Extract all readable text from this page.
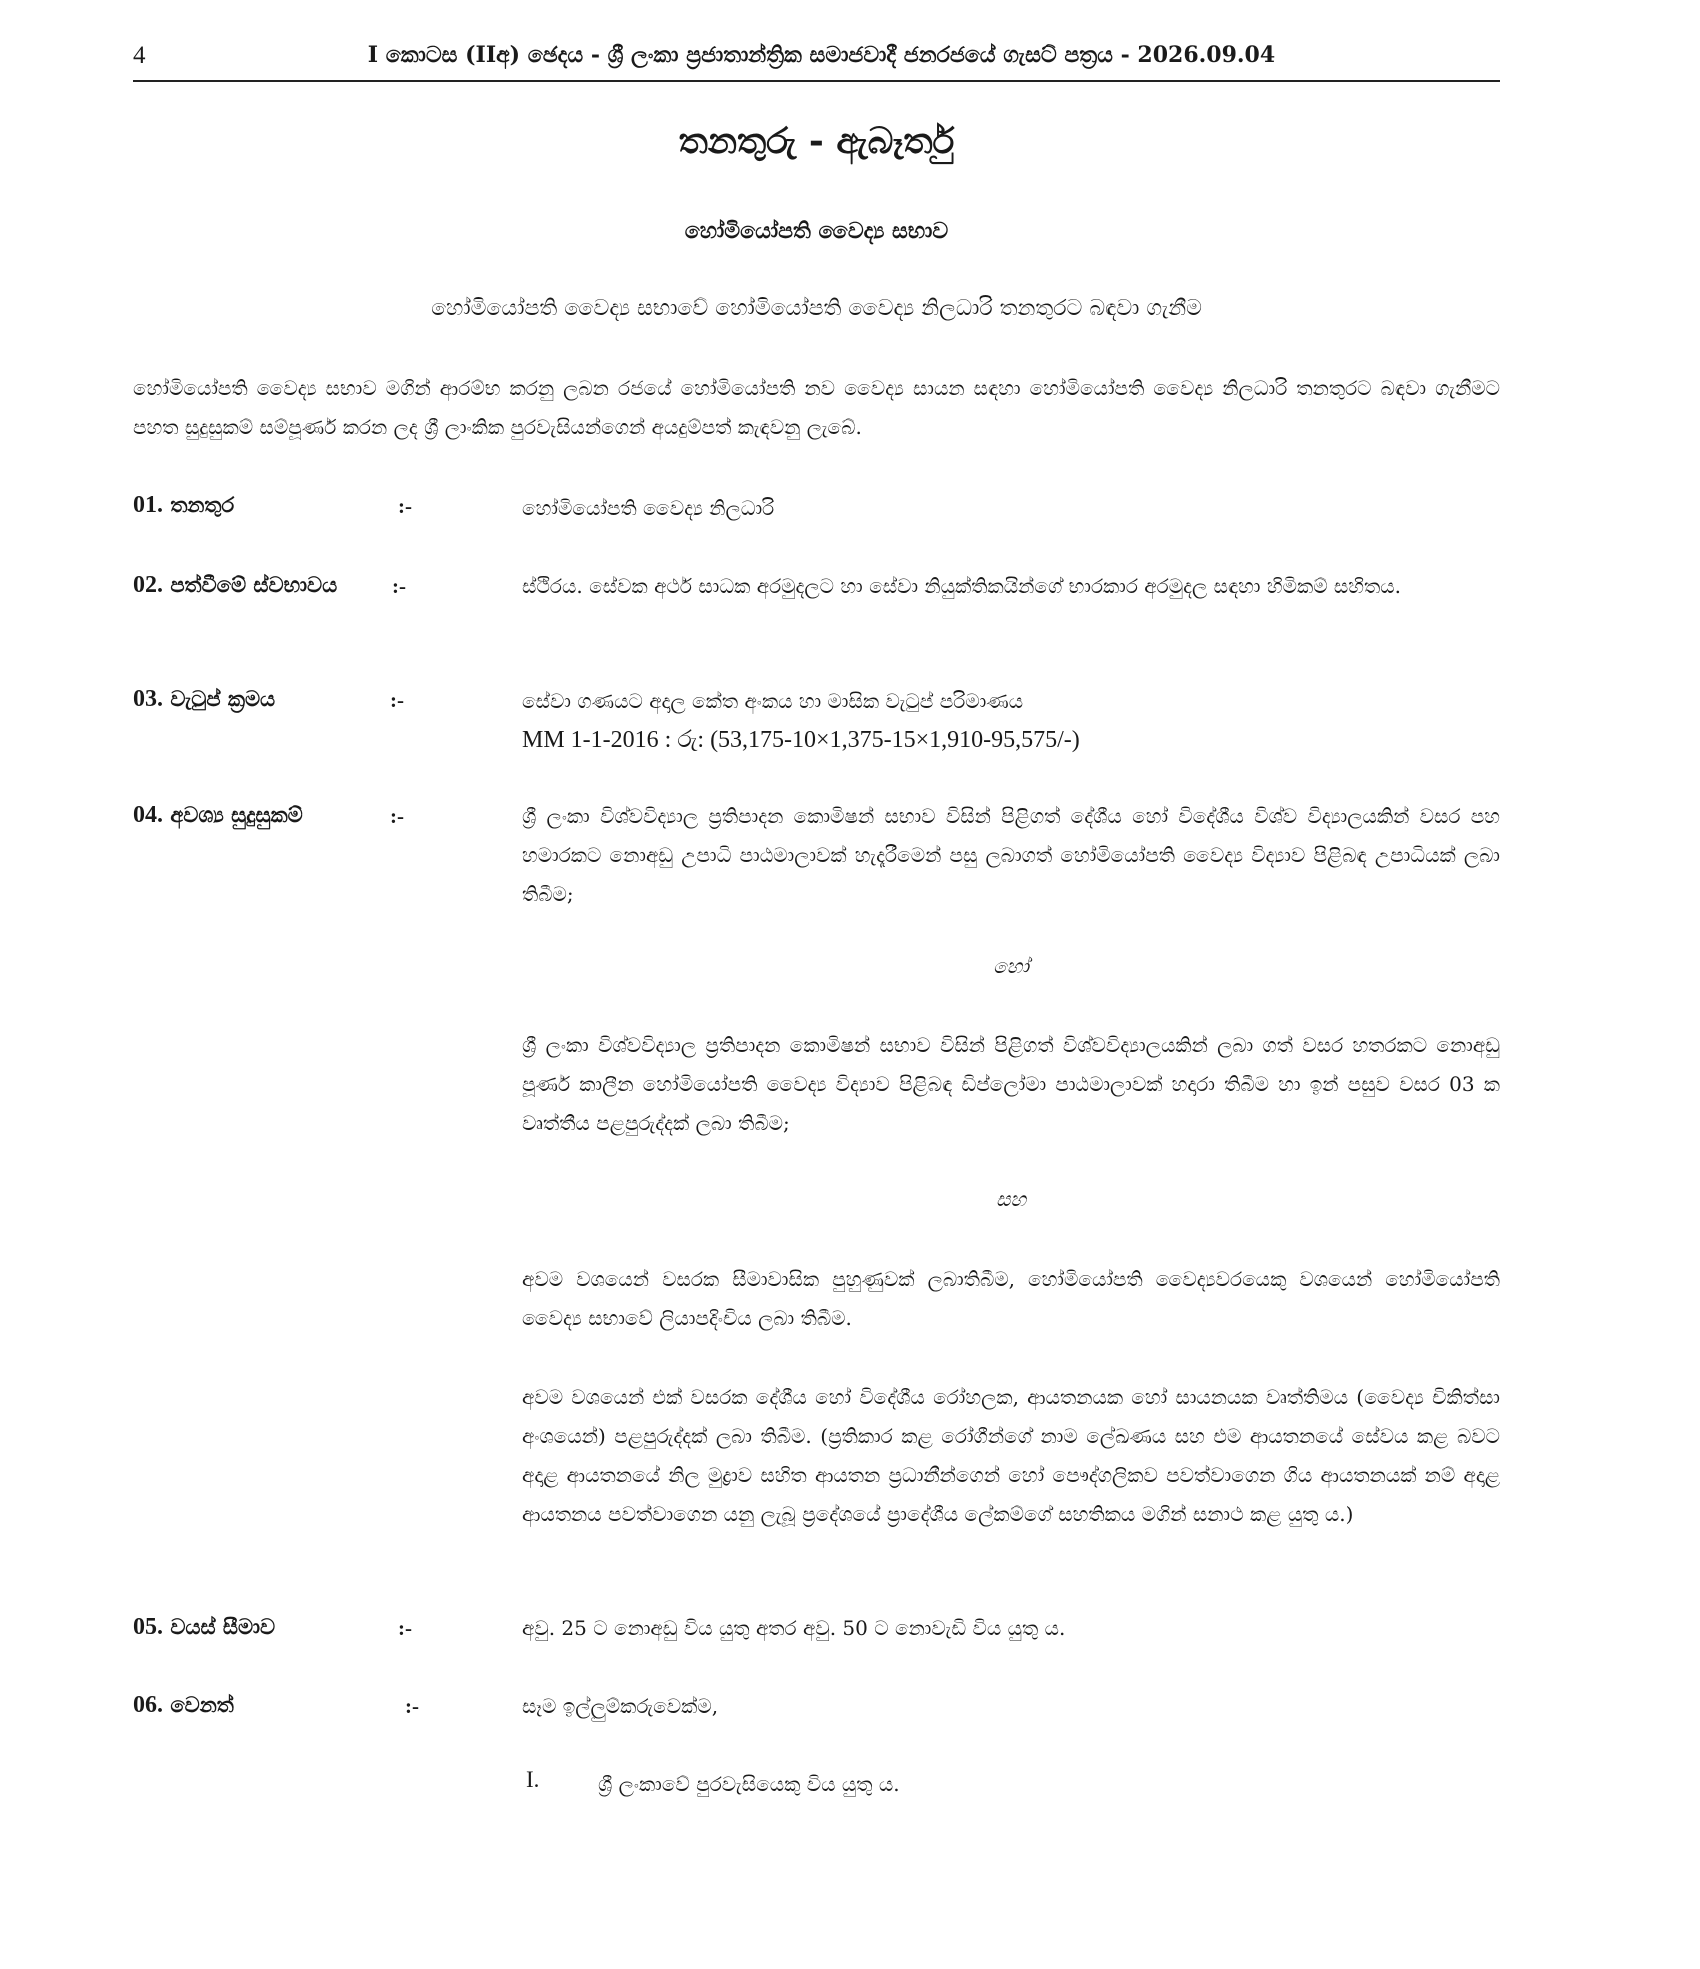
4	I කොටස (IIඅ) ඡෙදය - ශ්‍රී ලංකා ප්‍රජාතාන්ත්‍රික සමාජවාදී ජනරජයේ ගැසට් පත්‍රය - 2026.09.04
තනතුරු - ඇබෑර්තු
හෝමියෝපති වෛද්‍ය සභාව
හෝමියෝපති වෛද්‍ය සභාවේ හෝමියෝපති වෛද්‍ය නිලධාරි තනතුරට බඳවා ගැනීම
හෝමියෝපති වෛද්‍ය සභාව මගින් ආරම්භ කරනු ලබන රජයේ හෝමියෝපති නව වෛද්‍ය සායන සඳහා හෝමියෝපති වෛද්‍ය නිලධාරි තනතුරට බඳවා ගැනීමට පහත සුදුසුකම් සම්පූර්ණ කරන ලද ශ්‍රී ලාංකික පුරවැසියන්ගෙන් අයදුම්පත් කැඳවනු ලැබේ.
01. තනතුර	:-	හෝමියෝපති වෛද්‍ය නිලධාරි
02. පත්වීමේ ස්වභාවය	:-	ස්ථිරය. සේවක අර්ථ සාධක අරමුදලට හා සේවා නියුක්තිකයින්ගේ භාරකාර අරමුදල සඳහා හිමිකම් සහිතය.
03. වැටුප් ක්‍රමය	:-	සේවා ගණයට අදාල කේත අංකය හා මාසික වැටුප් පරිමාණය
MM 1-1-2016 : රු: (53,175-10×1,375-15×1,910-95,575/-)
04. අවශ්‍ය සුදුසුකම්	:-	ශ්‍රී ලංකා විශ්වවිද්‍යාල ප්‍රතිපාදන කොමිෂන් සභාව විසින් පිළිගත් දේශීය හෝ විදේශීය විශ්ව විද්‍යාලයකින් වසර පහ හමාරකට නොඅඩු උපාධි පාඨමාලාවක් හැදෑරීමෙන් පසු ලබාගත් හෝමියෝපති වෛද්‍ය විද්‍යාව පිළිබඳ උපාධියක් ලබා තිබීම;
හෝ
ශ්‍රී ලංකා විශ්වවිද්‍යාල ප්‍රතිපාදන කොමිෂන් සභාව විසින් පිළිගත් විශ්වවිද්‍යාලයකින් ලබා ගත් වසර හතරකට නොඅඩු පූර්ණ කාලීන හෝමියෝපති වෛද්‍ය විද්‍යාව පිළිබඳ ඩිප්ලෝමා පාඨමාලාවක් හදාරා තිබීම හා ඉන් පසුව වසර 03 ක වෘත්තීය පළපුරුද්දක් ලබා තිබීම;
සහ
අවම වශයෙන් වසරක සීමාවාසික පුහුණුවක් ලබාතිබීම, හෝමියෝපති වෛද්‍යවරයෙකු වශයෙන් හෝමියෝපති වෛද්‍ය සභාවේ ලියාපදිංචිය ලබා තිබීම.
අවම වශයෙන් එක් වසරක දේශීය හෝ විදේශීය රෝහලක, ආයතනයක හෝ සායනයක වෘත්තිමය (වෛද්‍ය චිකිත්සා අංශයෙන්) පළපුරුද්දක් ලබා තිබීම. (ප්‍රතිකාර කළ රෝගීන්ගේ නාම ලේඛණය සහ එම ආයතනයේ සේවය කළ බවට අදාළ ආයතනයේ නිල මුද්‍රාව සහිත ආයතන ප්‍රධානීන්ගෙන් හෝ පෞද්ගලිකව පවත්වාගෙන ගිය ආයතනයක් නම් අදාළ ආයතනය පවත්වාගෙන යනු ලැබූ ප්‍රදේශයේ ප්‍රාදේශීය ලේකම්ගේ සහතිකය මගින් සනාථ කළ යුතු ය.)
05. වයස් සීමාව	:-	අවු. 25 ට නොඅඩු විය යුතු අතර අවු. 50 ට නොවැඩි විය යුතු ය.
06. වෙනත්	:-	සෑම ඉල්ලුම්කරුවෙක්ම,
I.	ශ්‍රී ලංකාවේ පුරවැසියෙකු විය යුතු ය.
